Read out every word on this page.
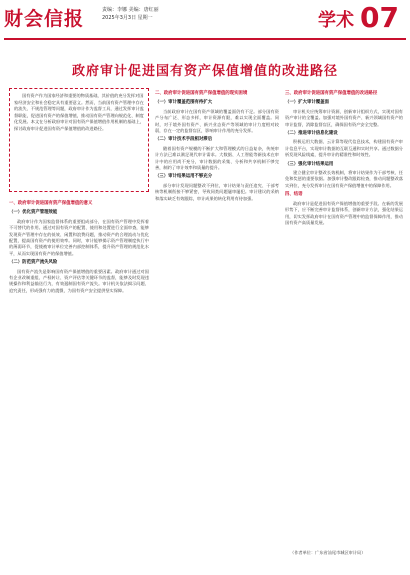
财会信报	责编：李娜 美编：唐红丽
2025年3月3日 星期一	学术 07
政府审计促进国有资产保值增值的改进路径
国有资产作为国家经济和重要的物质基础，其价值的充分发挥对国家经济安全和社会稳定具有重要意义。然而，当前国有资产管理中存在的流失、不规范管理等问题，政府审计作为监督工具，通过发挥审计监督职能，促进国有资产的保值增值，推动国有资产管理向规范化、制度化发展。本文在分析政府审计对国有资产保值增值作用机制的基础上，探讨政府审计促进国有资产保值增值的改进路径。
一、政府审计促进国有资产保值增值的意义
（一）优化资产管理效能

政府审计作为国家监督体系的重要组成部分，在国有资产管理中发挥着不可替代的作用。通过对国有资产的配置、使用和处置进行全面审查，能够发现资产管理中存在的低效、闲置和浪费问题，推动资产的合理流动与优化配置，提高国有资产的使用效率。同时，审计能够揭示资产管理制度执行中的薄弱环节，促使被审计单位完善内部控制体系，提升资产管理的规范化水平，从而实现国有资产的保值增值。

（二）防范资产流失风险

国有资产流失是影响国有资产保值增值的重要因素。政府审计通过对国有企业改制重组、产权转让、资产评估等关键环节的监督，能够及时发现违规操作和利益输送行为，有效遏制国有资产流失。审计机关依法揭示问题、追究责任，形成强有力的震慑，为国有资产安全提供坚实保障。

二、政府审计促进国有资产保值增值的现实困境
（一）审计覆盖范围有待扩大

当前政府审计在国有资产领域的覆盖面仍有不足。部分国有资产分布广泛、形态多样，审计资源有限，难以实现全面覆盖。同时，对于境外国有资产、新兴业态资产等领域的审计力度相对较弱，存在一定的监督盲区，影响审计作用的充分发挥。

（二）审计技术手段相对滞后

随着国有资产规模的不断扩大和管理模式的日益复杂，传统审计方法已难以满足现代审计需求。大数据、人工智能等新技术在审计中的应用尚不充分，审计数据的采集、分析和共享机制不够完善，制约了审计效率和质量的提升。

（三）审计结果运用不够充分

部分审计发现问题整改不到位，审计结果与责任追究、干部考核等机制衔接不够紧密，导致同类问题屡审屡犯。审计建议的采纳和落实缺乏有效跟踪，审计成果的转化利用有待加强。

三、政府审计促进国有资产保值增值的改进路径
（一）扩大审计覆盖面

审计机关应统筹审计资源，创新审计组织方式，实现对国有资产审计的全覆盖。加强对境外国有资产、新兴领域国有资产的审计监督，消除监督盲区，确保国有资产安全完整。

（二）推进审计信息化建设

积极运用大数据、云计算等现代信息技术，构建国有资产审计信息平台，实现审计数据的互联互通和实时共享。通过数据分析发现风险线索，提升审计的精准性和时效性。

（三）强化审计结果运用

建立健全审计整改长效机制，将审计结果作为干部考核、任免和奖惩的重要依据。加强审计整改跟踪检查，推动问题整改落实到位，充分发挥审计在国有资产保值增值中的保障作用。

四、结语

政府审计是促进国有资产保值增值的重要手段。在新的发展形势下，应不断完善审计监督体系，创新审计方法，强化结果运用，切实发挥政府审计在国有资产管理中的监督保障作用，推动国有资产高质量发展。

（作者单位：广东省汕尾市城区审计局）
